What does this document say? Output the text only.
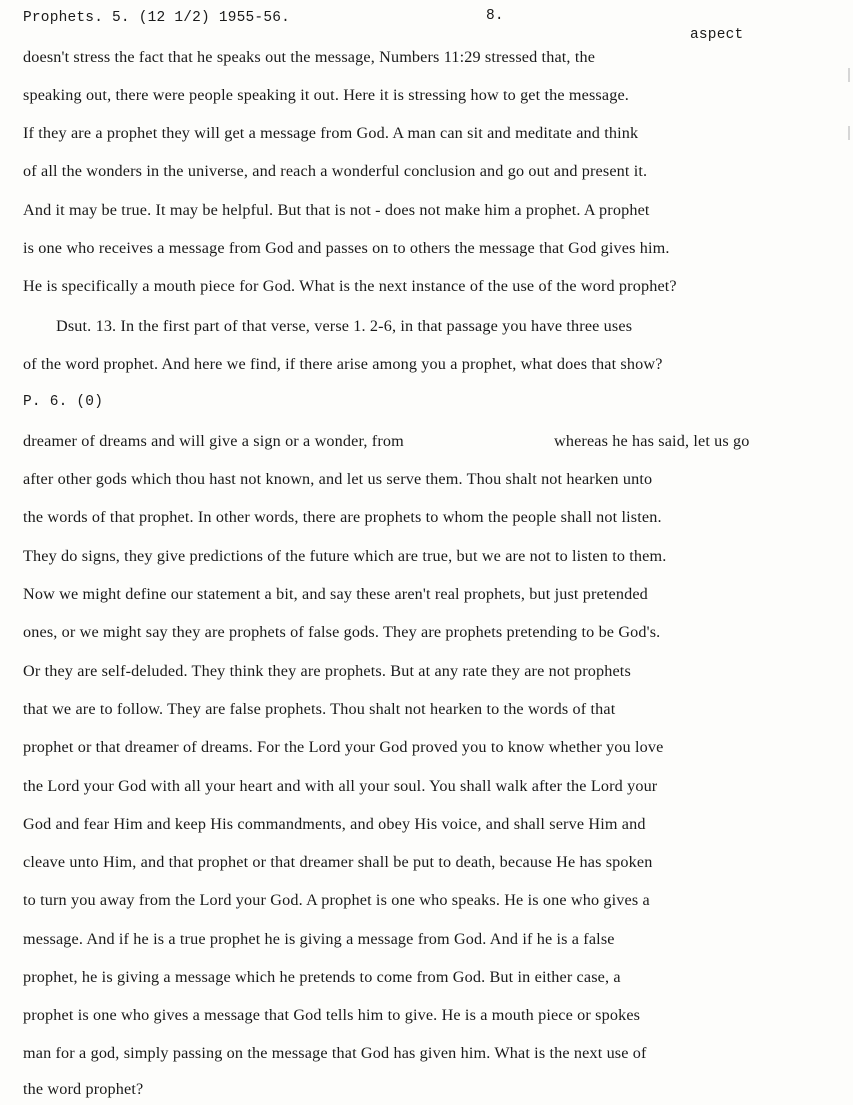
Prophets. 5. (12 1/2) 1955-56.	8.
aspect
doesn't stress the fact that he speaks out the message, Numbers 11:29 stressed that, the
speaking out, there were people speaking it out. Here it is stressing how to get the message.
If they are a prophet they will get a message from God. A man can sit and meditate and think
of all the wonders in the universe, and reach a wonderful conclusion and go out and present it.
And it may be true. It may be helpful. But that is not - does not make him a prophet. A prophet
is one who receives a message from God and passes on to others the message that God gives him.
He is specifically a mouth piece for God. What is the next instance of the use of the word prophet?
Dsut. 13. In the first part of that verse, verse 1. 2-6, in that passage you have three uses
of the word prophet. And here we find, if there arise among you a prophet, what does that show?
P. 6. (0)
dreamer of dreams and will give a sign or a wonder, from	whereas he has said, let us go
after other gods which thou hast not known, and let us serve them. Thou shalt not hearken unto
the words of that prophet. In other words, there are prophets to whom the people shall not listen.
They do signs, they give predictions of the future which are true, but we are not to listen to them.
Now we might define our statement a bit, and say these aren't real prophets, but just pretended
ones, or we might say they are prophets of false gods. They are prophets pretending to be God's.
Or they are self-deluded. They think they are prophets. But at any rate they are not prophets
that we are to follow. They are false prophets. Thou shalt not hearken to the words of that
prophet or that dreamer of dreams. For the Lord your God proved you to know whether you love
the Lord your God with all your heart and with all your soul. You shall walk after the Lord your
God and fear Him and keep His commandments, and obey His voice, and shall serve Him and
cleave unto Him, and that prophet or that dreamer shall be put to death, because He has spoken
to turn you away from the Lord your God. A prophet is one who speaks. He is one who gives a
message. And if he is a true prophet he is giving a message from God. And if he is a false
prophet, he is giving a message which he pretends to come from God. But in either case, a
prophet is one who gives a message that God tells him to give. He is a mouth piece or spokes
man for a god, simply passing on the message that God has given him. What is the next use of
the word prophet?
